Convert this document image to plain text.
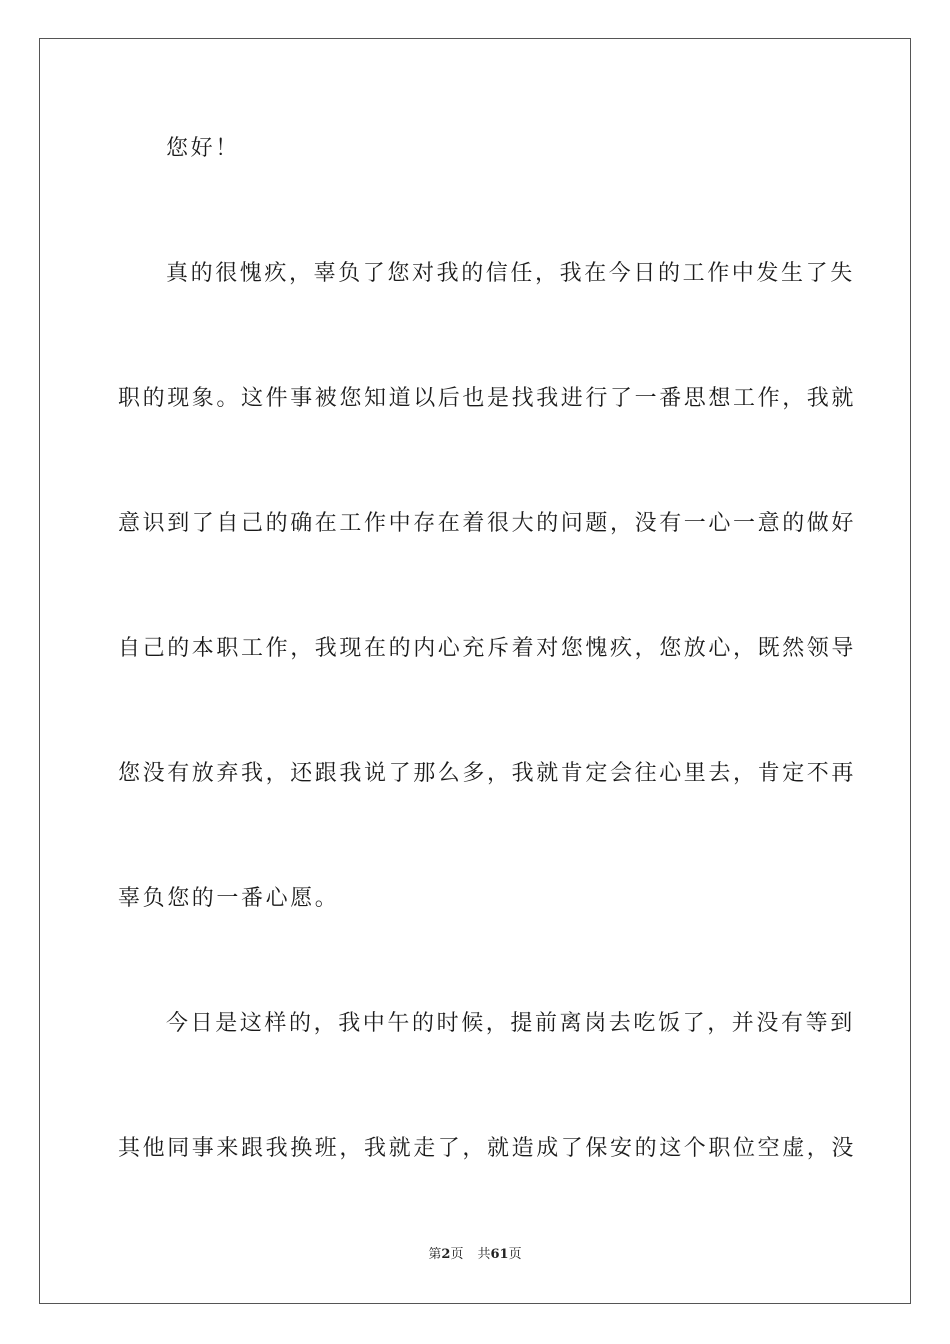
您好！
真的很愧疚，辜负了您对我的信任，我在今日的工作中发生了失
职的现象。这件事被您知道以后也是找我进行了一番思想工作，我就
意识到了自己的确在工作中存在着很大的问题，没有一心一意的做好
自己的本职工作，我现在的内心充斥着对您愧疚，您放心，既然领导
您没有放弃我，还跟我说了那么多，我就肯定会往心里去，肯定不再
辜负您的一番心愿。
今日是这样的，我中午的时候，提前离岗去吃饭了，并没有等到
其他同事来跟我换班，我就走了，就造成了保安的这个职位空虚，没
第2页 共61页
